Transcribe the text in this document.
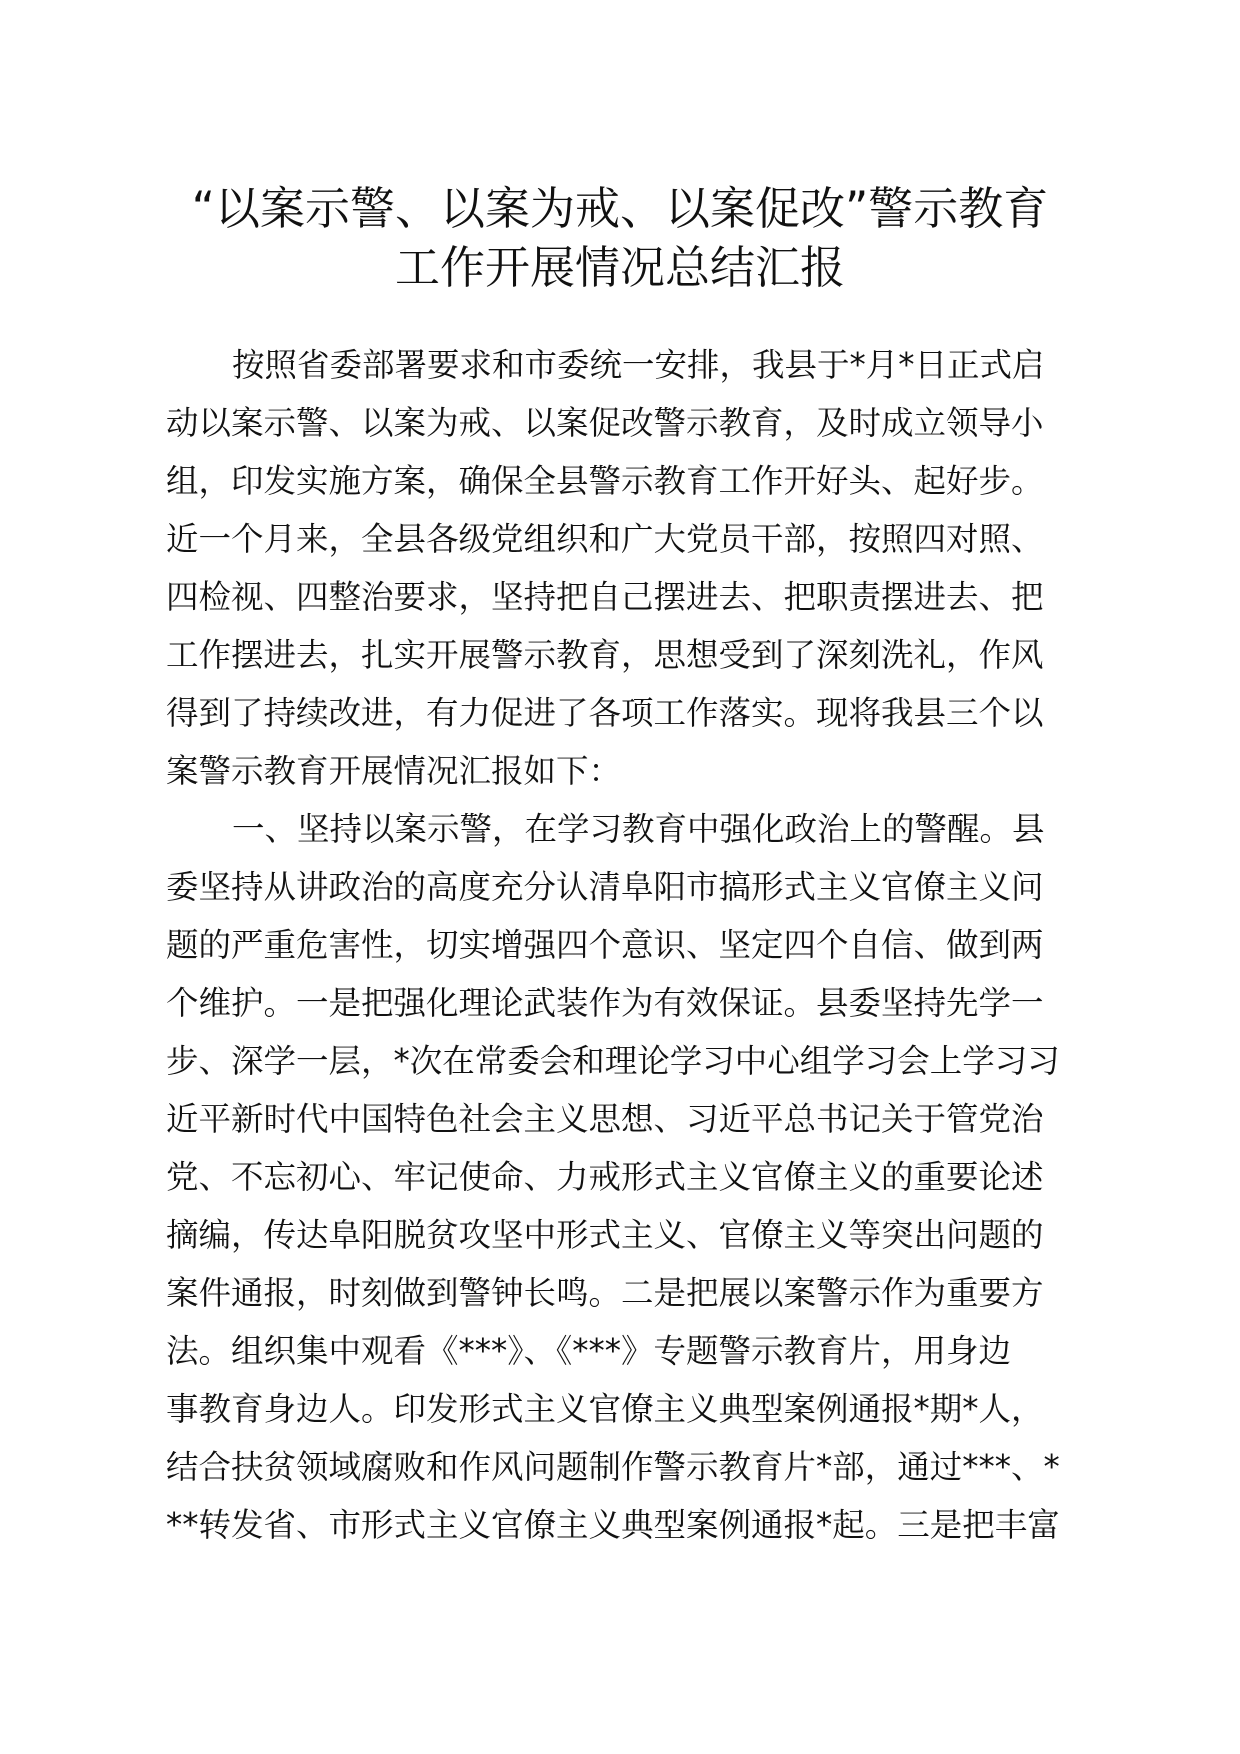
“以案示警、以案为戒、以案促改”警示教育
工作开展情况总结汇报
按照省委部署要求和市委统一安排，我县于*月*日正式启
动以案示警、以案为戒、以案促改警示教育，及时成立领导小
组，印发实施方案，确保全县警示教育工作开好头、起好步。
近一个月来，全县各级党组织和广大党员干部，按照四对照、
四检视、四整治要求，坚持把自己摆进去、把职责摆进去、把
工作摆进去，扎实开展警示教育，思想受到了深刻洗礼，作风
得到了持续改进，有力促进了各项工作落实。现将我县三个以
案警示教育开展情况汇报如下：
一、坚持以案示警，在学习教育中强化政治上的警醒。县
委坚持从讲政治的高度充分认清阜阳市搞形式主义官僚主义问
题的严重危害性，切实增强四个意识、坚定四个自信、做到两
个维护。一是把强化理论武装作为有效保证。县委坚持先学一
步、深学一层，*次在常委会和理论学习中心组学习会上学习习
近平新时代中国特色社会主义思想、习近平总书记关于管党治
党、不忘初心、牢记使命、力戒形式主义官僚主义的重要论述
摘编，传达阜阳脱贫攻坚中形式主义、官僚主义等突出问题的
案件通报，时刻做到警钟长鸣。二是把展以案警示作为重要方
法。组织集中观看《***》、《***》专题警示教育片，用身边
事教育身边人。印发形式主义官僚主义典型案例通报*期*人，
结合扶贫领域腐败和作风问题制作警示教育片*部，通过***、*
**转发省、市形式主义官僚主义典型案例通报*起。三是把丰富
